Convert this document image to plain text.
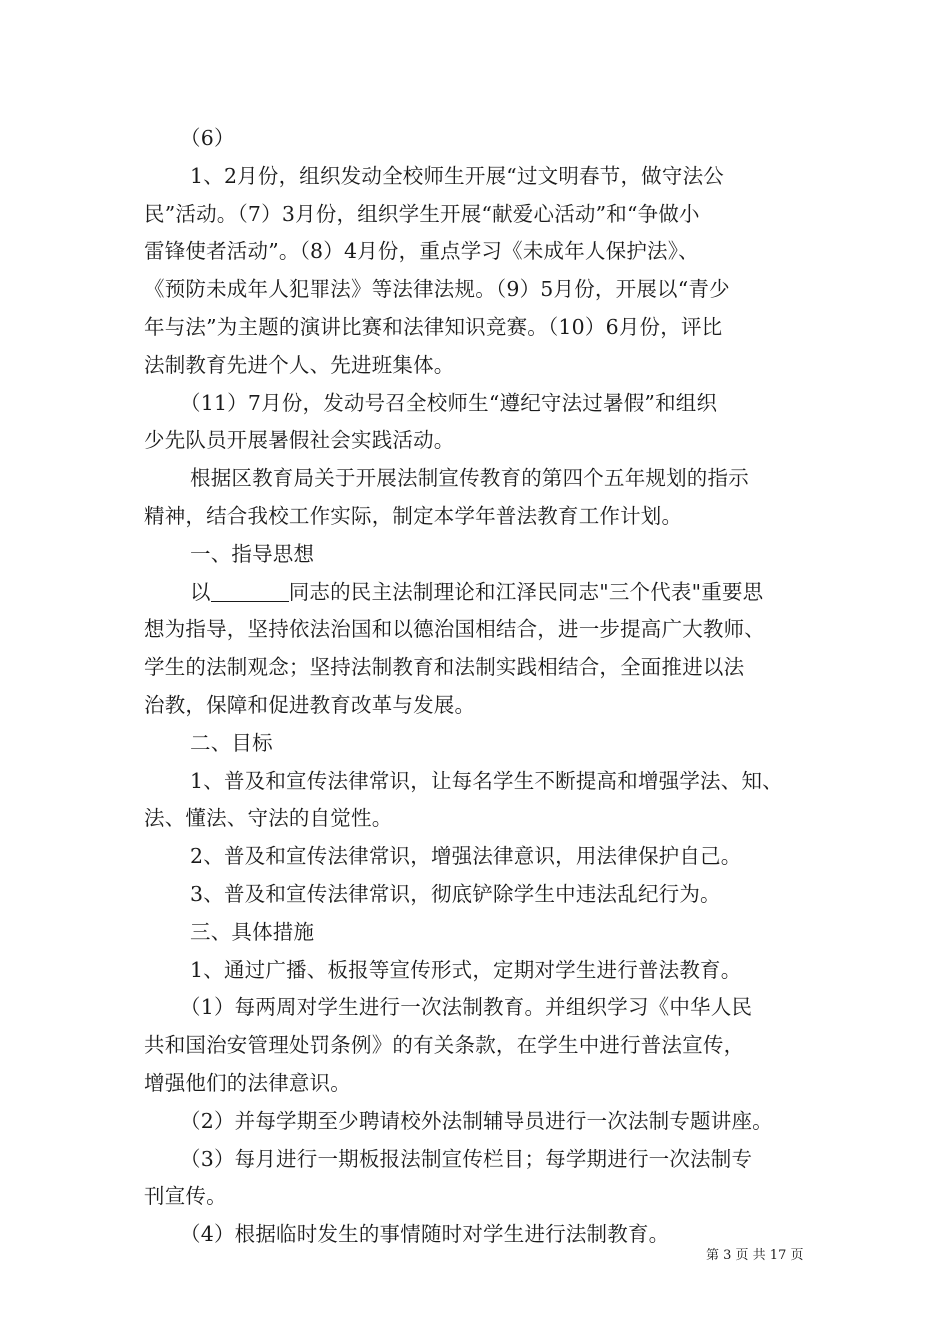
（6）
1、2月份，组织发动全校师生开展“过文明春节，做守法公
民”活动。（7）3月份，组织学生开展“献爱心活动”和“争做小
雷锋使者活动”。（8）4月份，重点学习《未成年人保护法》、
《预防未成年人犯罪法》等法律法规。（9）5月份，开展以“青少
年与法”为主题的演讲比赛和法律知识竞赛。（10）6月份，评比
法制教育先进个人、先进班集体。
（11）7月份，发动号召全校师生“遵纪守法过暑假”和组织
少先队员开展暑假社会实践活动。
根据区教育局关于开展法制宣传教育的第四个五年规划的指示
精神，结合我校工作实际，制定本学年普法教育工作计划。
一、指导思想
以	同志的民主法制理论和江泽民同志"三个代表"重要思
想为指导，坚持依法治国和以德治国相结合，进一步提高广大教师、
学生的法制观念；坚持法制教育和法制实践相结合，全面推进以法
治教，保障和促进教育改革与发展。
二、目标
1、普及和宣传法律常识，让每名学生不断提高和增强学法、知、
法、懂法、守法的自觉性。
2、普及和宣传法律常识，增强法律意识，用法律保护自己。
3、普及和宣传法律常识，彻底铲除学生中违法乱纪行为。
三、具体措施
1、通过广播、板报等宣传形式，定期对学生进行普法教育。
（1）每两周对学生进行一次法制教育。并组织学习《中华人民
共和国治安管理处罚条例》的有关条款，在学生中进行普法宣传，
增强他们的法律意识。
（2）并每学期至少聘请校外法制辅导员进行一次法制专题讲座。
（3）每月进行一期板报法制宣传栏目；每学期进行一次法制专
刊宣传。
（4）根据临时发生的事情随时对学生进行法制教育。
第 3 页 共 17 页
